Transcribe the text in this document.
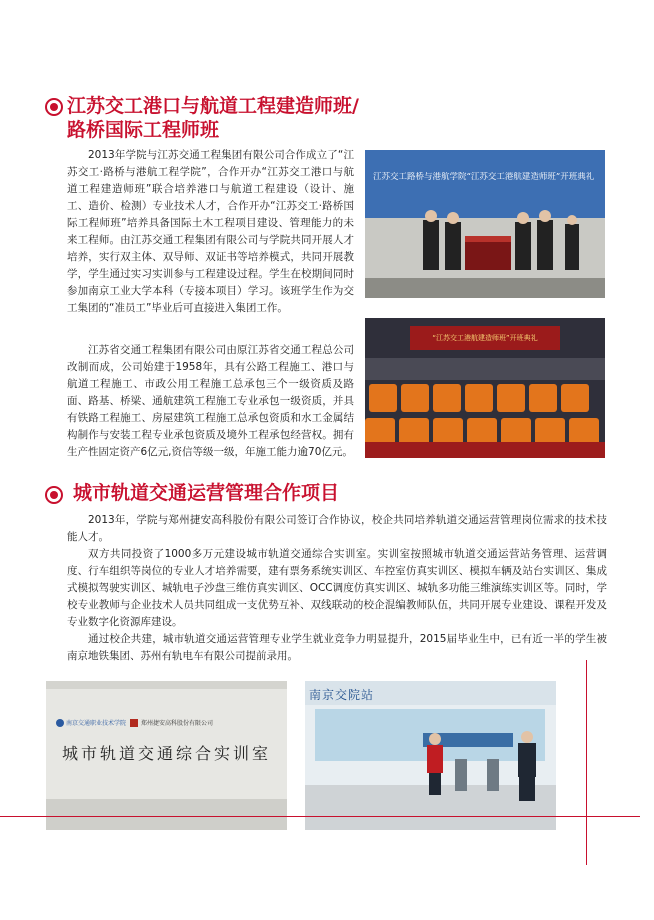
江苏交工港口与航道工程建造师班/
路桥国际工程师班

2013年学院与江苏交通工程集团有限公司合作成立了“江苏交工·路桥与港航工程学院”，合作开办“江苏交工港口与航道工程建造师班”联合培养港口与航道工程建设（设计、施工、造价、检测）专业技术人才，合作开办“江苏交工·路桥国际工程师班”培养具备国际土木工程项目建设、管理能力的未来工程师。由江苏交通工程集团有限公司与学院共同开展人才培养，实行双主体、双导师、双证书等培养模式，共同开展教学，学生通过实习实训参与工程建设过程。学生在校期间同时参加南京工业大学本科（专接本项目）学习。该班学生作为交工集团的“准员工”毕业后可直接进入集团工作。

江苏省交通工程集团有限公司由原江苏省交通工程总公司改制而成，公司始建于1958年，具有公路工程施工、港口与航道工程施工、市政公用工程施工总承包三个一级资质及路面、路基、桥梁、通航建筑工程施工专业承包一级资质，并具有铁路工程施工、房屋建筑工程施工总承包资质和水工金属结构制作与安装工程专业承包资质及境外工程承包经营权。拥有生产性固定资产6亿元,资信等级一级，年施工能力逾70亿元。

江苏交工路桥与港航学院“江苏交工港航建造师班”开班典礼
“江苏交工港航建造师班”开班典礼
城市轨道交通运营管理合作项目

2013年，学院与郑州捷安高科股份有限公司签订合作协议，校企共同培养轨道交通运营管理岗位需求的技术技能人才。

双方共同投资了1000多万元建设城市轨道交通综合实训室。实训室按照城市轨道交通运营站务管理、运营调度、行车组织等岗位的专业人才培养需要，建有票务系统实训区、车控室仿真实训区、模拟车辆及站台实训区、集成式模拟驾驶实训区、城轨电子沙盘三维仿真实训区、OCC调度仿真实训区、城轨多功能三维演练实训区等。同时，学校专业教师与企业技术人员共同组成一支优势互补、双线联动的校企混编教师队伍，共同开展专业建设、课程开发及专业数字化资源库建设。

通过校企共建，城市轨道交通运营管理专业学生就业竞争力明显提升，2015届毕业生中，已有近一半的学生被南京地铁集团、苏州有轨电车有限公司提前录用。

南京交通职业技术学院 郑州捷安高科股份有限公司
城市轨道交通综合实训室
南京交院站
